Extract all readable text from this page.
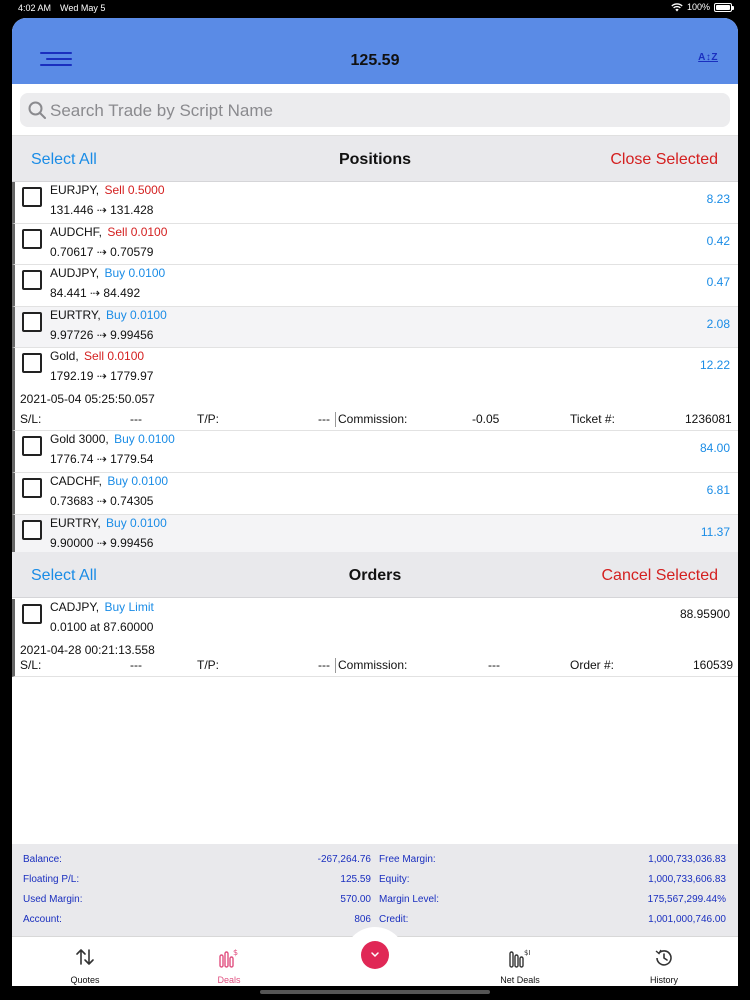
4:02 AM Wed May 5	100%
125.59	A↕Z
Search Trade by Script Name
Select All	Positions	Close Selected
EURJPY, Sell 0.5000
131.446 ⇢ 131.428
8.23
AUDCHF, Sell 0.0100
0.70617 ⇢ 0.70579
0.42
AUDJPY, Buy 0.0100
84.441 ⇢ 84.492
0.47
EURTRY, Buy 0.0100
9.97726 ⇢ 9.99456
2.08
Gold, Sell 0.0100
1792.19 ⇢ 1779.97
12.22
2021-05-04 05:25:50.057
S/L:	---	T/P:	--- Commission:	-0.05	Ticket #:	1236081
Gold 3000, Buy 0.0100
1776.74 ⇢ 1779.54
84.00
CADCHF, Buy 0.0100
0.73683 ⇢ 0.74305
6.81
EURTRY, Buy 0.0100
9.90000 ⇢ 9.99456
11.37
Select All	Orders	Cancel Selected
CADJPY, Buy Limit
0.0100 at 87.60000
88.95900
2021-04-28 00:21:13.558
S/L:	---	T/P:	--- Commission:	---	Order #:	160539
Balance:	-267,264.76
Floating P/L:	125.59
Used Margin:	570.00
Account:	806
Free Margin:	1,000,733,036.83
Equity:	1,000,733,606.83
Margin Level:	175,567,299.44%
Credit:	1,001,000,746.00
Quotes
$
Deals
$I
Net Deals	History
